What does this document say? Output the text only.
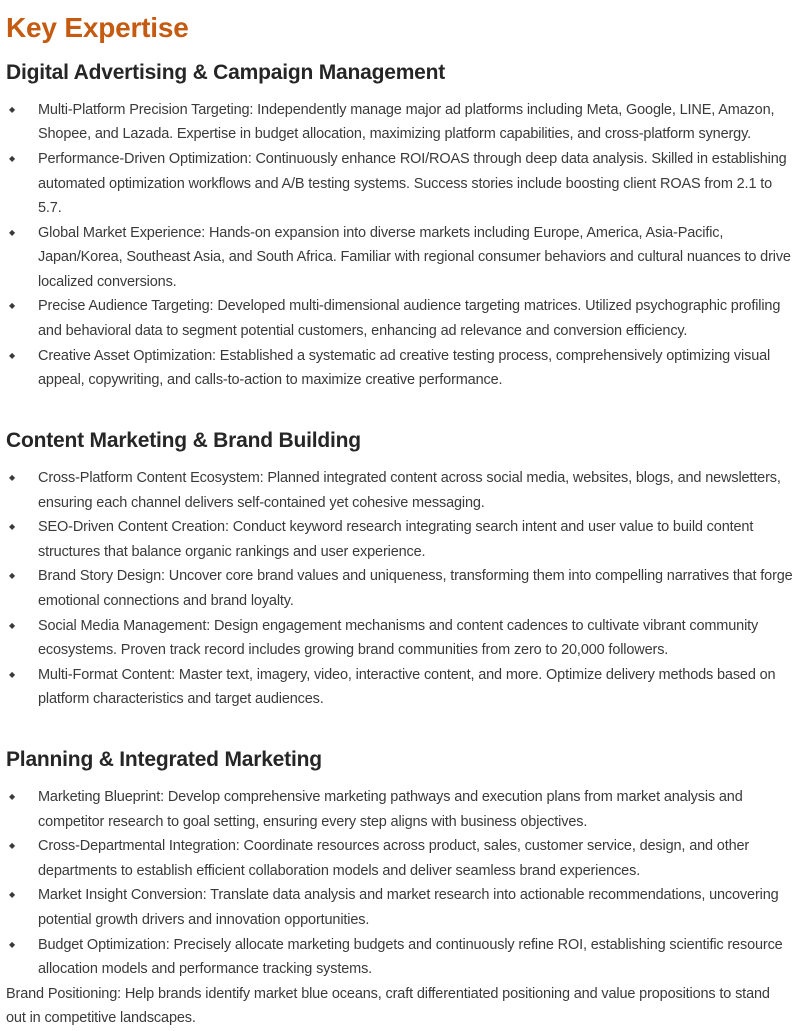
Key Expertise
Digital Advertising & Campaign Management
◆ Multi-Platform Precision Targeting: Independently manage major ad platforms including Meta, Google, LINE, Amazon, Shopee, and Lazada. Expertise in budget allocation, maximizing platform capabilities, and cross-platform synergy.
◆ Performance-Driven Optimization: Continuously enhance ROI/ROAS through deep data analysis. Skilled in establishing automated optimization workflows and A/B testing systems. Success stories include boosting client ROAS from 2.1 to 5.7.
◆ Global Market Experience: Hands-on expansion into diverse markets including Europe, America, Asia-Pacific, Japan/Korea, Southeast Asia, and South Africa. Familiar with regional consumer behaviors and cultural nuances to drive localized conversions.
◆ Precise Audience Targeting: Developed multi-dimensional audience targeting matrices. Utilized psychographic profiling and behavioral data to segment potential customers, enhancing ad relevance and conversion efficiency.
◆ Creative Asset Optimization: Established a systematic ad creative testing process, comprehensively optimizing visual appeal, copywriting, and calls-to-action to maximize creative performance.
Content Marketing & Brand Building
◆ Cross-Platform Content Ecosystem: Planned integrated content across social media, websites, blogs, and newsletters, ensuring each channel delivers self-contained yet cohesive messaging.
◆ SEO-Driven Content Creation: Conduct keyword research integrating search intent and user value to build content structures that balance organic rankings and user experience.
◆ Brand Story Design: Uncover core brand values and uniqueness, transforming them into compelling narratives that forge emotional connections and brand loyalty.
◆ Social Media Management: Design engagement mechanisms and content cadences to cultivate vibrant community ecosystems. Proven track record includes growing brand communities from zero to 20,000 followers.
◆ Multi-Format Content: Master text, imagery, video, interactive content, and more. Optimize delivery methods based on platform characteristics and target audiences.
Planning & Integrated Marketing
◆ Marketing Blueprint: Develop comprehensive marketing pathways and execution plans from market analysis and competitor research to goal setting, ensuring every step aligns with business objectives.
◆ Cross-Departmental Integration: Coordinate resources across product, sales, customer service, design, and other departments to establish efficient collaboration models and deliver seamless brand experiences.
◆ Market Insight Conversion: Translate data analysis and market research into actionable recommendations, uncovering potential growth drivers and innovation opportunities.
◆ Budget Optimization: Precisely allocate marketing budgets and continuously refine ROI, establishing scientific resource allocation models and performance tracking systems.

Brand Positioning: Help brands identify market blue oceans, craft differentiated positioning and value propositions to stand out in competitive landscapes.
